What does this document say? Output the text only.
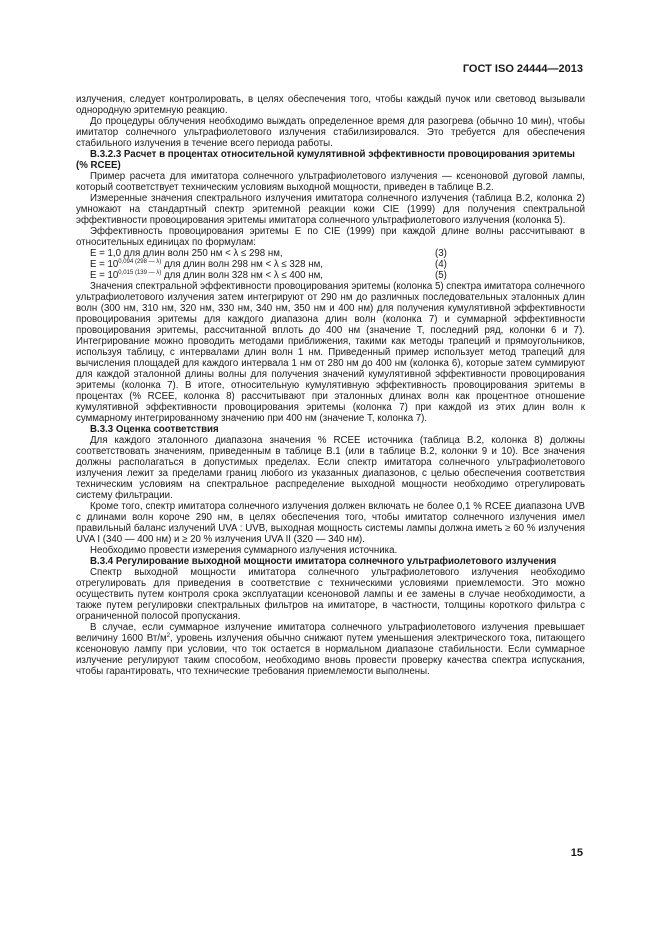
ГОСТ ISO 24444—2013

излучения, следует контролировать, в целях обеспечения того, чтобы каждый пучок или световод вызывали однородную эритемную реакцию.

До процедуры облучения необходимо выждать определенное время для разогрева (обычно 10 мин), чтобы имитатор солнечного ультрафиолетового излучения стабилизировался. Это требуется для обеспечения стабильного излучения в течение всего периода работы.

В.3.2.3 Расчет в процентах относительной кумулятивной эффективности провоцирования эритемы (% RCEE)

Пример расчета для имитатора солнечного ультрафиолетового излучения — ксеноновой дуговой лампы, который соответствует техническим условиям выходной мощности, приведен в таблице В.2.

Измеренные значения спектрального излучения имитатора солнечного излучения (таблица В.2, колонка 2) умножают на стандартный спектр эритемной реакции кожи CIE (1999) для получения спектральной эффективности провоцирования эритемы имитатора солнечного ультрафиолетового излучения (колонка 5).

Эффективность провоцирования эритемы Е по CIE (1999) при каждой длине волны рассчитывают в относительных единицах по формулам:

E = 1,0 для длин волн 250 нм < λ ≤ 298 нм,	(3)
$E = 10^{0,094 (298 — \lambda)}$ для длин волн 298 нм < λ ≤ 328 нм,	(4)
$E = 10^{0,015 (139 — \lambda)}$ для длин волн 328 нм < λ ≤ 400 нм,	(5)

Значения спектральной эффективности провоцирования эритемы (колонка 5) спектра имитатора солнечного ультрафиолетового излучения затем интегрируют от 290 нм до различных последовательных эталонных длин волн (300 нм, 310 нм, 320 нм, 330 нм, 340 нм, 350 нм и 400 нм) для получения кумулятивной эффективности провоцирования эритемы для каждого диапазона длин волн (колонка 7) и суммарной эффективности провоцирования эритемы, рассчитанной вплоть до 400 нм (значение Т, последний ряд, колонки 6 и 7). Интегрирование можно проводить методами приближения, такими как методы трапеций и прямоугольников, используя таблицу, с интервалами длин волн 1 нм. Приведенный пример использует метод трапеций для вычисления площадей для каждого интервала 1 нм от 280 нм до 400 нм (колонка 6), которые затем суммируют для каждой эталонной длины волны для получения значений кумулятивной эффективности провоцирования эритемы (колонка 7). В итоге, относительную кумулятивную эффективность провоцирования эритемы в процентах (% RCEE, колонка 8) рассчитывают при эталонных длинах волн как процентное отношение кумулятивной эффективности провоцирования эритемы (колонка 7) при каждой из этих длин волн к суммарному интегрированному значению при 400 нм (значение Т, колонка 7).

В.3.3 Оценка соответствия

Для каждого эталонного диапазона значения % RCEE источника (таблица В.2, колонка 8) должны соответствовать значениям, приведенным в таблице В.1 (или в таблице В.2, колонки 9 и 10). Все значения должны располагаться в допустимых пределах. Если спектр имитатора солнечного ультрафиолетового излучения лежит за пределами границ любого из указанных диапазонов, с целью обеспечения соответствия техническим условиям на спектральное распределение выходной мощности необходимо отрегулировать систему фильтрации.

Кроме того, спектр имитатора солнечного излучения должен включать не более 0,1 % RCEE диапазона UVB с длинами волн короче 290 нм, в целях обеспечения того, чтобы имитатор солнечного излучения имел правильный баланс излучений UVA : UVB, выходная мощность системы лампы должна иметь ≥ 60 % излучения UVA I (340 — 400 нм) и ≥ 20 % излучения UVA II (320 — 340 нм).

Необходимо провести измерения суммарного излучения источника.

В.3.4 Регулирование выходной мощности имитатора солнечного ультрафиолетового излучения

Спектр выходной мощности имитатора солнечного ультрафиолетового излучения необходимо отрегулировать для приведения в соответствие с техническими условиями приемлемости. Это можно осуществить путем контроля срока эксплуатации ксеноновой лампы и ее замены в случае необходимости, а также путем регулировки спектральных фильтров на имитаторе, в частности, толщины короткого фильтра с ограниченной полосой пропускания.

В случае, если суммарное излучение имитатора солнечного ультрафиолетового излучения превышает величину 1600 $Вт/м^2$, уровень излучения обычно снижают путем уменьшения электрического тока, питающего ксеноновую лампу при условии, что ток остается в нормальном диапазоне стабильности. Если суммарное излучение регулируют таким способом, необходимо вновь провести проверку качества спектра испускания, чтобы гарантировать, что технические требования приемлемости выполнены.

15
